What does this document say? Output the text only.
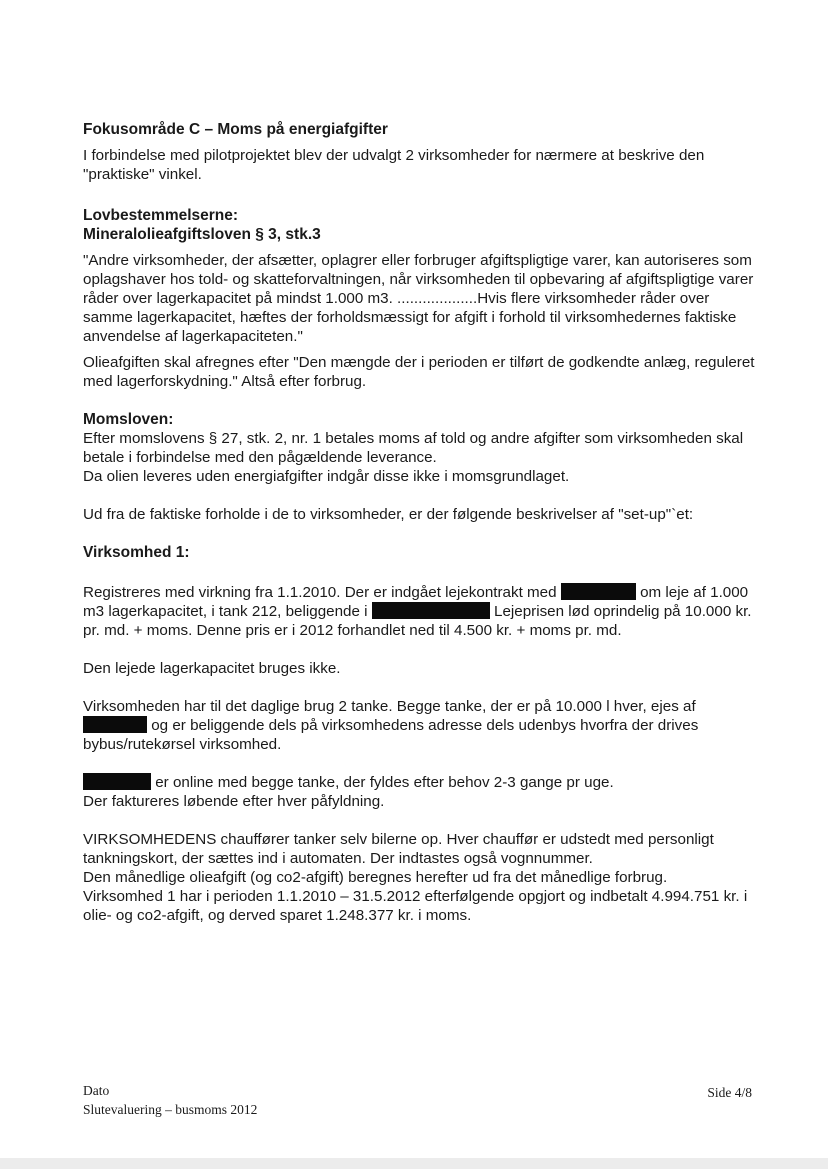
Fokusområde C – Moms på energiafgifter

I forbindelse med pilotprojektet blev der udvalgt 2 virksomheder for nærmere at beskrive den "praktiske" vinkel.

Lovbestemmelserne:

Mineralolieafgiftsloven § 3, stk.3

"Andre virksomheder, der afsætter, oplagrer eller forbruger afgiftspligtige varer, kan autoriseres som oplagshaver hos told- og skatteforvaltningen, når virksomheden til opbevaring af afgiftspligtige varer råder over lagerkapacitet på mindst 1.000 m3. ...................Hvis flere virksomheder råder over samme lagerkapacitet, hæftes der forholdsmæssigt for afgift i forhold til virksomhedernes faktiske anvendelse af lagerkapaciteten."

Olieafgiften skal afregnes efter "Den mængde der i perioden er tilført de godkendte anlæg, reguleret med lagerforskydning." Altså efter forbrug.

Momsloven:

Efter momslovens § 27, stk. 2, nr. 1 betales moms af told og andre afgifter som virksomheden skal betale i forbindelse med den pågældende leverance.

Da olien leveres uden energiafgifter indgår disse ikke i momsgrundlaget.

Ud fra de faktiske forholde i de to virksomheder, er der følgende beskrivelser af "set-up"`et:

Virksomhed 1:

Registreres med virkning fra 1.1.2010. Der er indgået lejekontrakt med	om leje af 1.000 m3 lagerkapacitet, i tank 212, beliggende i	Lejeprisen lød oprindelig på 10.000 kr. pr. md. + moms. Denne pris er i 2012 forhandlet ned til 4.500 kr. + moms pr. md.

Den lejede lagerkapacitet bruges ikke.

Virksomheden har til det daglige brug 2 tanke. Begge tanke, der er på 10.000 l hver, ejes af  og er beliggende dels på virksomhedens adresse dels udenbys hvorfra der drives bybus/rutekørsel virksomhed.

er online med begge tanke, der fyldes efter behov 2-3 gange pr uge.

Der faktureres løbende efter hver påfyldning.

VIRKSOMHEDENS chauffører tanker selv bilerne op. Hver chauffør er udstedt med personligt tankningskort, der sættes ind i automaten. Der indtastes også vognnummer.

Den månedlige olieafgift (og co2-afgift) beregnes herefter ud fra det månedlige forbrug.

Virksomhed 1 har i perioden 1.1.2010 – 31.5.2012 efterfølgende opgjort og indbetalt 4.994.751 kr. i olie- og co2-afgift, og derved sparet 1.248.377 kr. i moms.

Dato
Slutevaluering – busmoms 2012
Side 4/8
